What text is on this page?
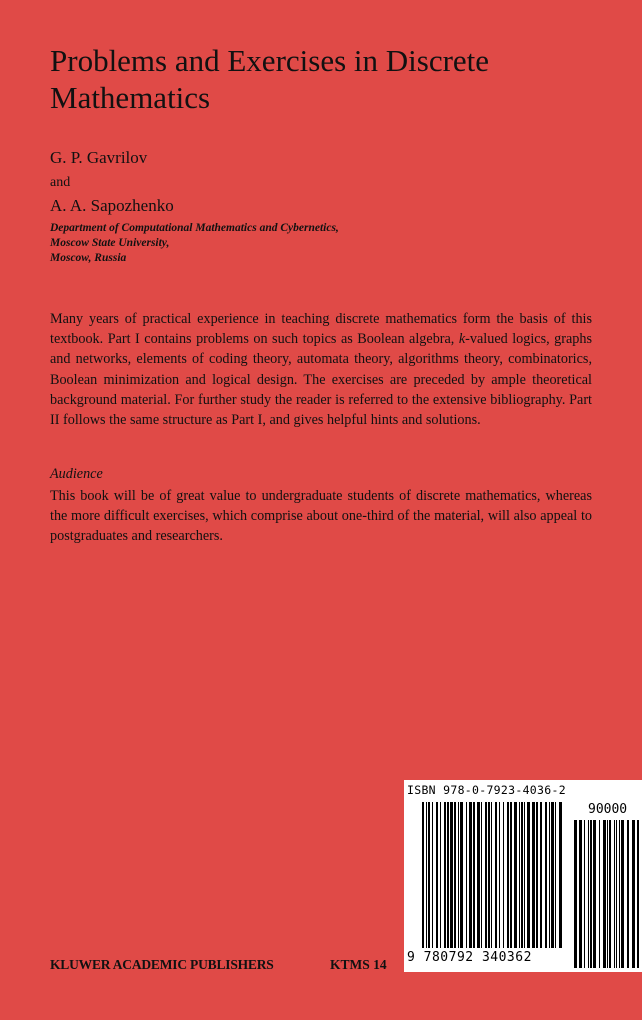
Problems and Exercises in Discrete Mathematics
G. P. Gavrilov
and
A. A. Sapozhenko
Department of Computational Mathematics and Cybernetics,
Moscow State University,
Moscow, Russia
Many years of practical experience in teaching discrete mathematics form the basis of this textbook. Part I contains problems on such topics as Boolean algebra, k-valued logics, graphs and networks, elements of coding theory, automata theory, algorithms theory, combinatorics, Boolean minimization and logical design. The exercises are preceded by ample theoretical background material. For further study the reader is referred to the extensive bibliography. Part II follows the same structure as Part I, and gives helpful hints and solutions.
Audience
This book will be of great value to undergraduate students of discrete mathematics, whereas the more difficult exercises, which comprise about one-third of the material, will also appeal to postgraduates and researchers.
KLUWER ACADEMIC PUBLISHERS	KTMS 14
ISBN 978-0-7923-4036-2
90000
9 780792 340362
